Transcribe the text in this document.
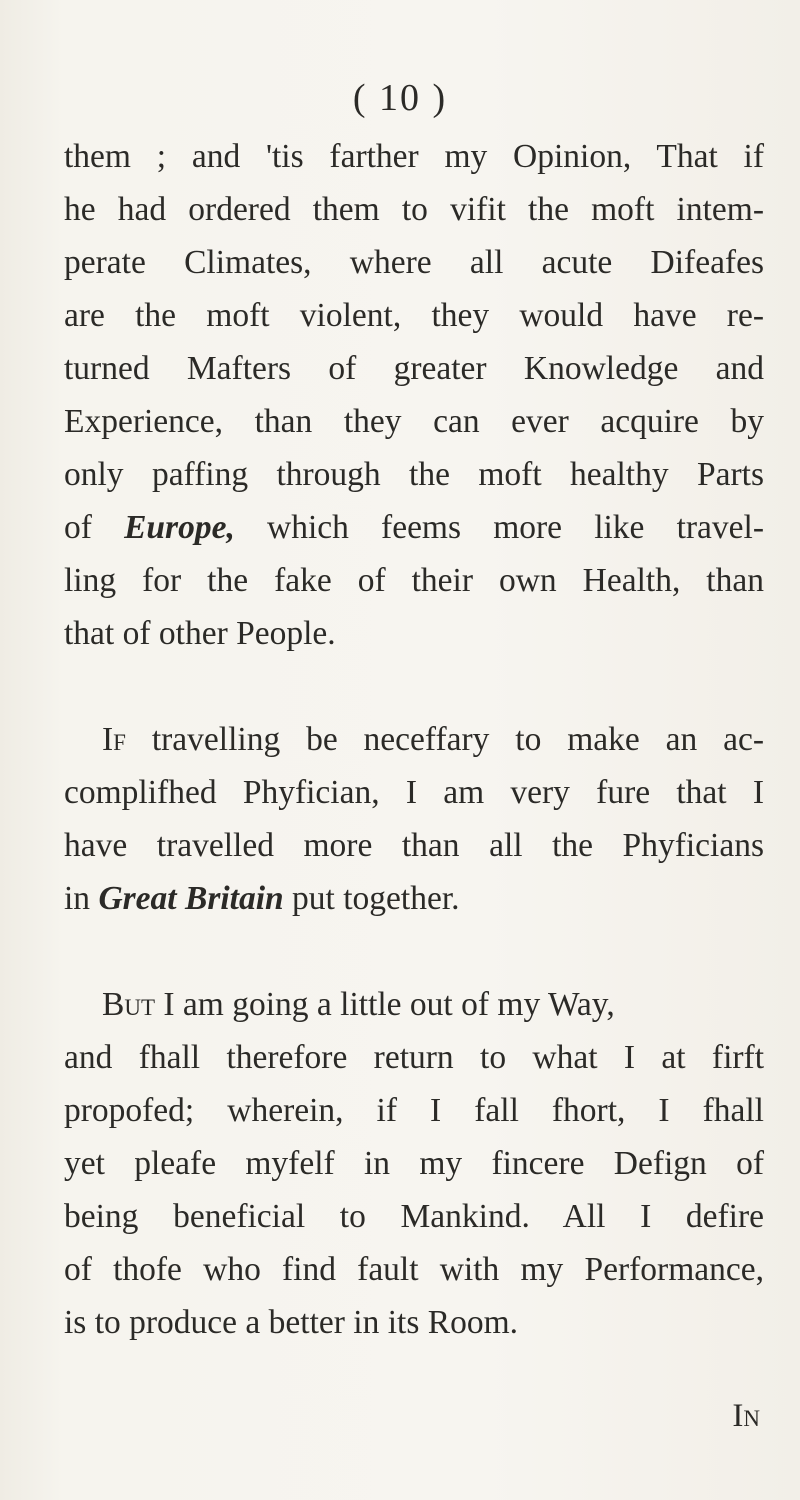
( 10 )
them ; and 'tis farther my Opinion, That if
he had ordered them to vifit the moft intem-
perate Climates, where all acute Difeafes
are the moft violent, they would have re-
turned Mafters of greater Knowledge and
Experience, than they can ever acquire by
only paffing through the moft healthy Parts
of Europe, which feems more like travel-
ling for the fake of their own Health, than
that of other People.
If travelling be neceffary to make an ac-
complifhed Phyfician, I am very fure that I
have travelled more than all the Phyficians
in Great Britain put together.
But I am going a little out of my Way,
and fhall therefore return to what I at firft
propofed; wherein, if I fall fhort, I fhall
yet pleafe myfelf in my fincere Defign of
being beneficial to Mankind. All I defire
of thofe who find fault with my Performance,
is to produce a better in its Room.
In
